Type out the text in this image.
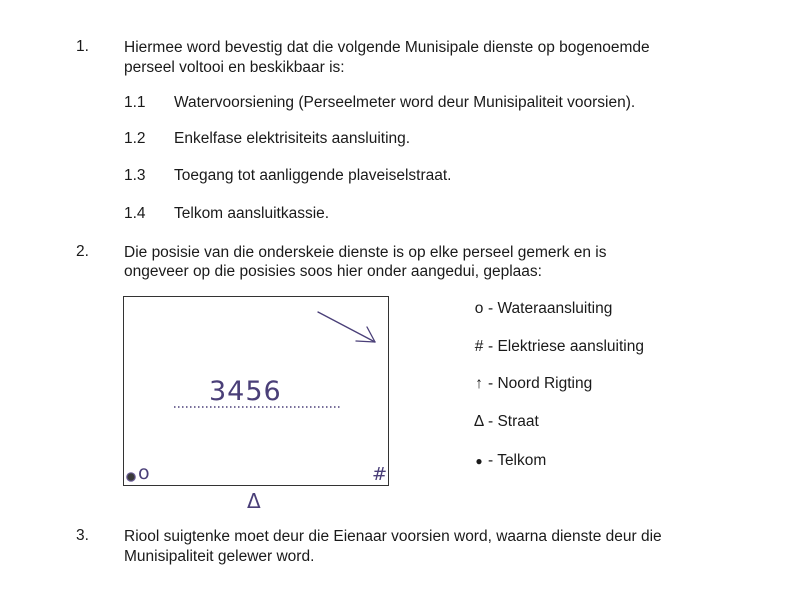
1. Hiermee word bevestig dat die volgende Munisipale dienste op bogenoemde
perseel voltooi en beskikbaar is:
1.1 Watervoorsiening (Perseelmeter word deur Munisipaliteit voorsien).
1.2 Enkelfase elektrisiteits aansluiting.
1.3 Toegang tot aanliggende plaveiselstraat.
1.4 Telkom aansluitkassie.
2. Die posisie van die onderskeie dienste is op elke perseel gemerk en is
ongeveer op die posisies soos hier onder aangedui, geplaas:
3456
o	#
Δ
o - Wateraansluiting
# - Elektriese aansluiting
↑ - Noord Rigting
Δ - Straat
● - Telkom
3. Riool suigtenke moet deur die Eienaar voorsien word, waarna dienste deur die
Munisipaliteit gelewer word.
